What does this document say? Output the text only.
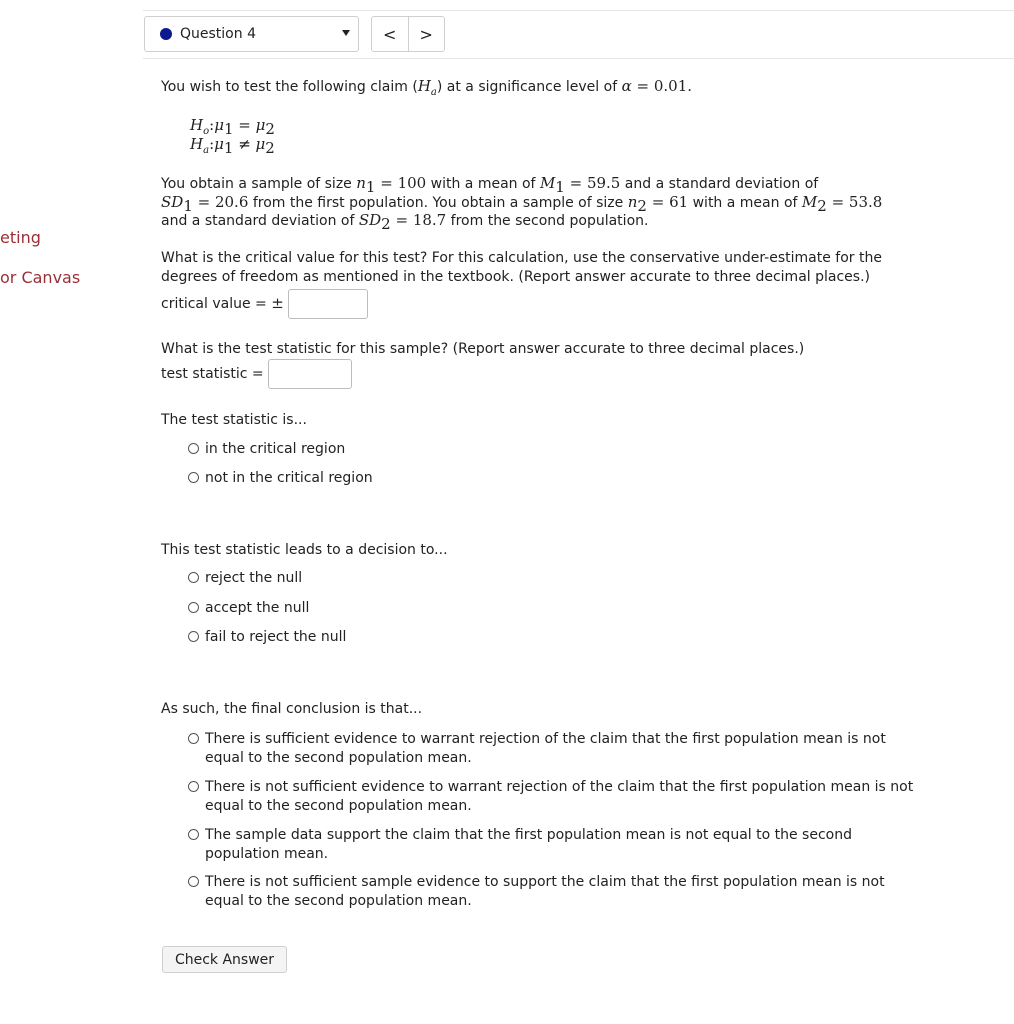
eting
or Canvas
Question 4	<	>
You wish to test the following claim $(H_a)$ at a significance level of α = 0.01.
$H_o:\mu_1 = \mu_2$
$H_a:\mu_1 \ne \mu_2$
You obtain a sample of size $n_1 = 100$ with a mean of $M_1 = 59.5$ and a standard deviation of
$SD_1 = 20.6$ from the first population. You obtain a sample of size $n_2 = 61$ with a mean of $M_2 = 53.8$
and a standard deviation of $SD_2 = 18.7$ from the second population.
What is the critical value for this test? For this calculation, use the conservative under-estimate for the
degrees of freedom as mentioned in the textbook. (Report answer accurate to three decimal places.)
critical value = ±
What is the test statistic for this sample? (Report answer accurate to three decimal places.)
test statistic =
The test statistic is...
in the critical region
not in the critical region
This test statistic leads to a decision to...
reject the null
accept the null
fail to reject the null
As such, the final conclusion is that...
There is sufficient evidence to warrant rejection of the claim that the first population mean is not equal to the second population mean.
There is not sufficient evidence to warrant rejection of the claim that the first population mean is not equal to the second population mean.
The sample data support the claim that the first population mean is not equal to the second population mean.
There is not sufficient sample evidence to support the claim that the first population mean is not equal to the second population mean.
Check Answer
